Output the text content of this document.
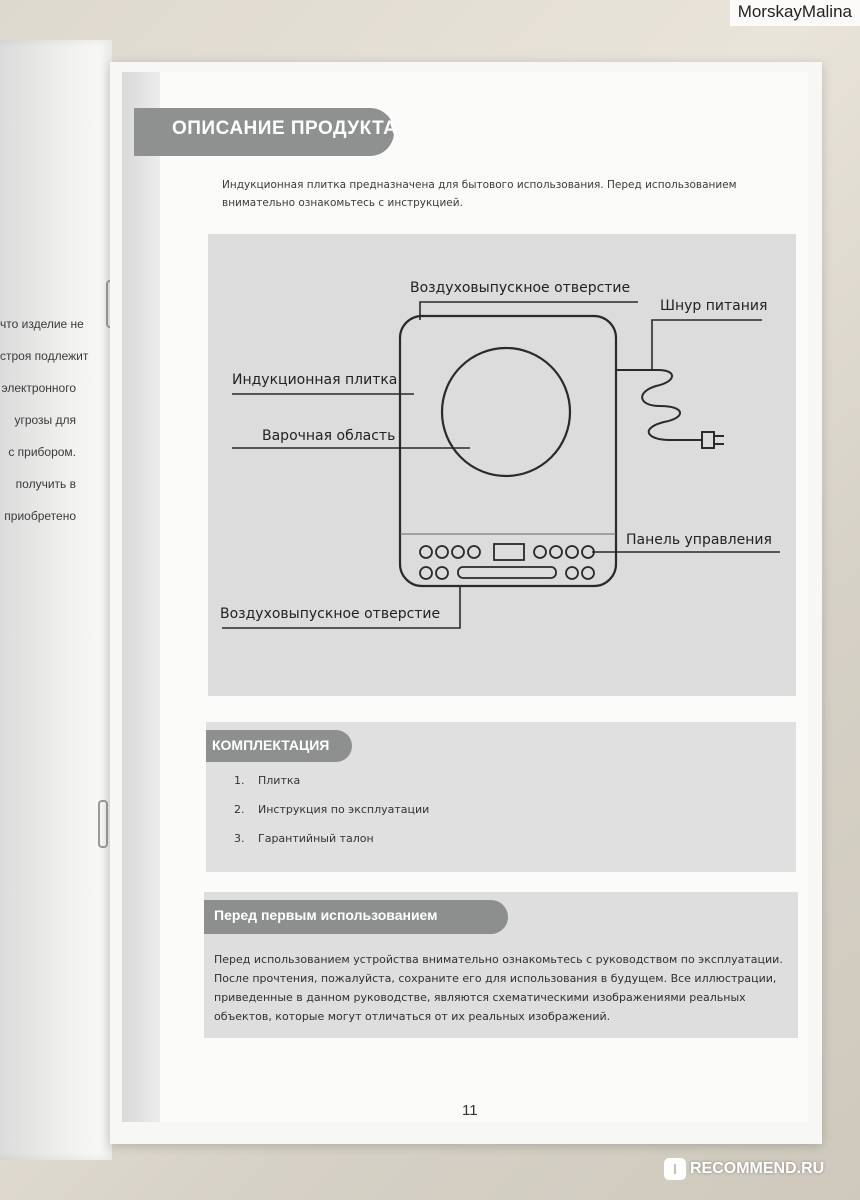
что изделие не
строя подлежит
электронного
угрозы для
с прибором.
получить в
приобретено
ОПИСАНИЕ ПРОДУКТА
Индукционная плитка предназначена для бытового использования. Перед использованием внимательно ознакомьтесь с инструкцией.
Воздуховыпускное отверстие
Шнур питания
Индукционная плитка
Варочная область
Панель управления
Воздуховыпускное отверстие
КОМПЛЕКТАЦИЯ
1.	Плитка
2.	Инструкция по эксплуатации
3.	Гарантийный талон
Перед первым использованием
Перед использованием устройства внимательно ознакомьтесь с руководством по эксплуатации. После прочтения, пожалуйста, сохраните его для использования в будущем. Все иллюстрации, приведенные в данном руководстве, являются схематическими изображениями реальных объектов, которые могут отличаться от их реальных изображений.
11
MorskayMalina
I RECOMMEND.RU
